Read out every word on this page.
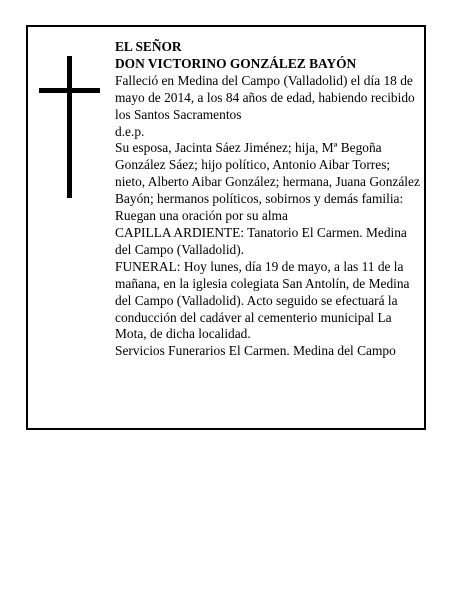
EL SEÑOR

DON VICTORINO GONZÁLEZ BAYÓN

Falleció en Medina del Campo (Valladolid) el día 18 de mayo de 2014, a los 84 años de edad, habiendo recibido los Santos Sacramentos

d.e.p.

Su esposa, Jacinta Sáez Jiménez; hija, Mª Begoña González Sáez; hijo político, Antonio Aibar Torres; nieto, Alberto Aibar González; hermana, Juana González Bayón; hermanos políticos, sobirnos y demás familia:

Ruegan una oración por su alma

CAPILLA ARDIENTE: Tanatorio El Carmen. Medina del Campo (Valladolid).

FUNERAL: Hoy lunes, día 19 de mayo, a las 11 de la mañana, en la iglesia colegiata San Antolín, de Medina del Campo (Valladolid). Acto seguido se efectuará la conducción del cadáver al cementerio municipal La Mota, de dicha localidad.

Servicios Funerarios El Carmen. Medina del Campo
